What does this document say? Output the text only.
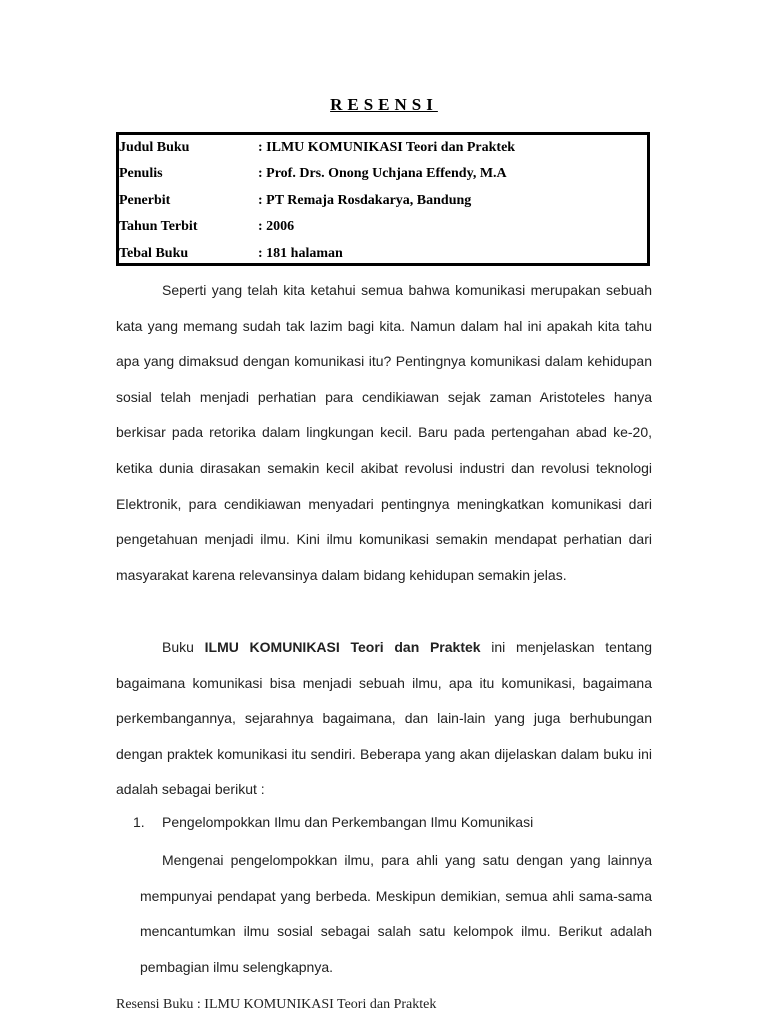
RESENSI
Judul Buku	: ILMU KOMUNIKASI Teori dan Praktek
Penulis	: Prof. Drs. Onong Uchjana Effendy, M.A
Penerbit	: PT Remaja Rosdakarya, Bandung
Tahun Terbit	: 2006
Tebal Buku	: 181 halaman

Seperti yang telah kita ketahui semua bahwa komunikasi merupakan sebuah kata yang memang sudah tak lazim bagi kita. Namun dalam hal ini apakah kita tahu apa yang dimaksud dengan komunikasi itu? Pentingnya komunikasi dalam kehidupan sosial telah menjadi perhatian para cendikiawan sejak zaman Aristoteles hanya berkisar pada retorika dalam lingkungan kecil. Baru pada pertengahan abad ke-20, ketika dunia dirasakan semakin kecil akibat revolusi industri dan revolusi teknologi Elektronik, para cendikiawan menyadari pentingnya meningkatkan komunikasi dari pengetahuan menjadi ilmu. Kini ilmu komunikasi semakin mendapat perhatian dari masyarakat karena relevansinya dalam bidang kehidupan semakin jelas.

Buku ILMU KOMUNIKASI Teori dan Praktek ini menjelaskan tentang bagaimana komunikasi bisa menjadi sebuah ilmu, apa itu komunikasi, bagaimana perkembangannya, sejarahnya bagaimana, dan lain-lain yang juga berhubungan dengan praktek komunikasi itu sendiri. Beberapa yang akan dijelaskan dalam buku ini adalah sebagai berikut :

1. Pengelompokkan Ilmu dan Perkembangan Ilmu Komunikasi

Mengenai pengelompokkan ilmu, para ahli yang satu dengan yang lainnya mempunyai pendapat yang berbeda. Meskipun demikian, semua ahli sama-sama mencantumkan ilmu sosial sebagai salah satu kelompok ilmu. Berikut adalah pembagian ilmu selengkapnya.

Resensi Buku : ILMU KOMUNIKASI Teori dan Praktek
